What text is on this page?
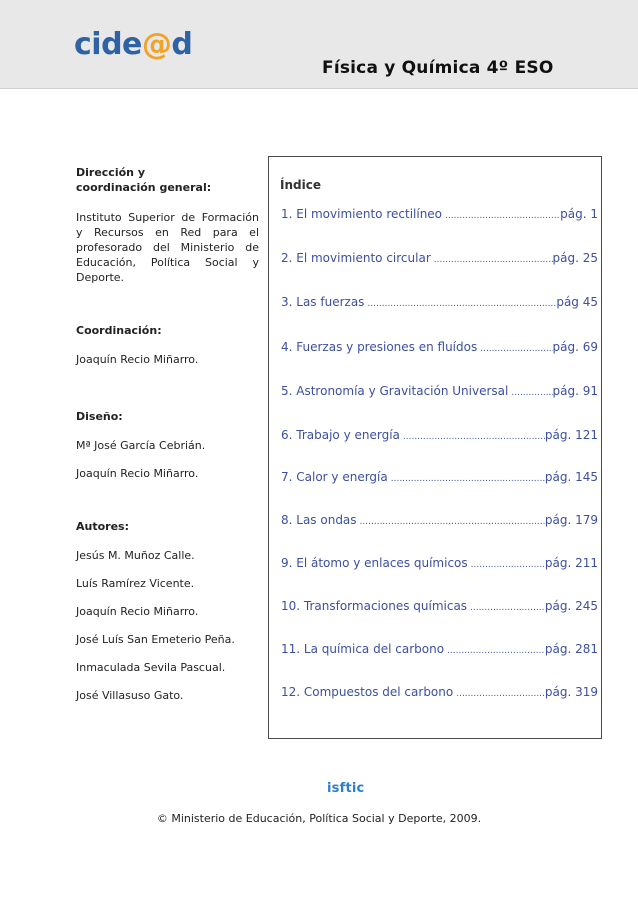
cide@d
Física y Química 4º ESO

Dirección y coordinación general:

Instituto Superior de Formación y Recursos en Red para el profesorado del Ministerio de Educación, Política Social y Deporte.

Coordinación:

Joaquín Recio Miñarro.

Diseño:

Mª José García Cebrián.

Joaquín Recio Miñarro.

Autores:

Jesús M. Muñoz Calle.

Luís Ramírez Vicente.

Joaquín Recio Miñarro.

José Luís San Emeterio Peña.

Inmaculada Sevila Pascual.

José Villasuso Gato.

Índice
1. El movimiento rectilíneo .....	pág. 1
2. El movimiento circular .....	pág. 25
3. Las fuerzas .....	pág 45
4. Fuerzas y presiones en fluídos .....	pág. 69
5. Astronomía y Gravitación Universal .....	pág. 91
6. Trabajo y energía .....	pág. 121
7. Calor y energía .....	pág. 145
8. Las ondas .....	pág. 179
9. El átomo y enlaces químicos .....	pág. 211
10. Transformaciones químicas .....	pág. 245
11. La química del carbono .....	pág. 281
12. Compuestos del carbono .....	pág. 319
isftic
© Ministerio de Educación, Política Social y Deporte, 2009.
